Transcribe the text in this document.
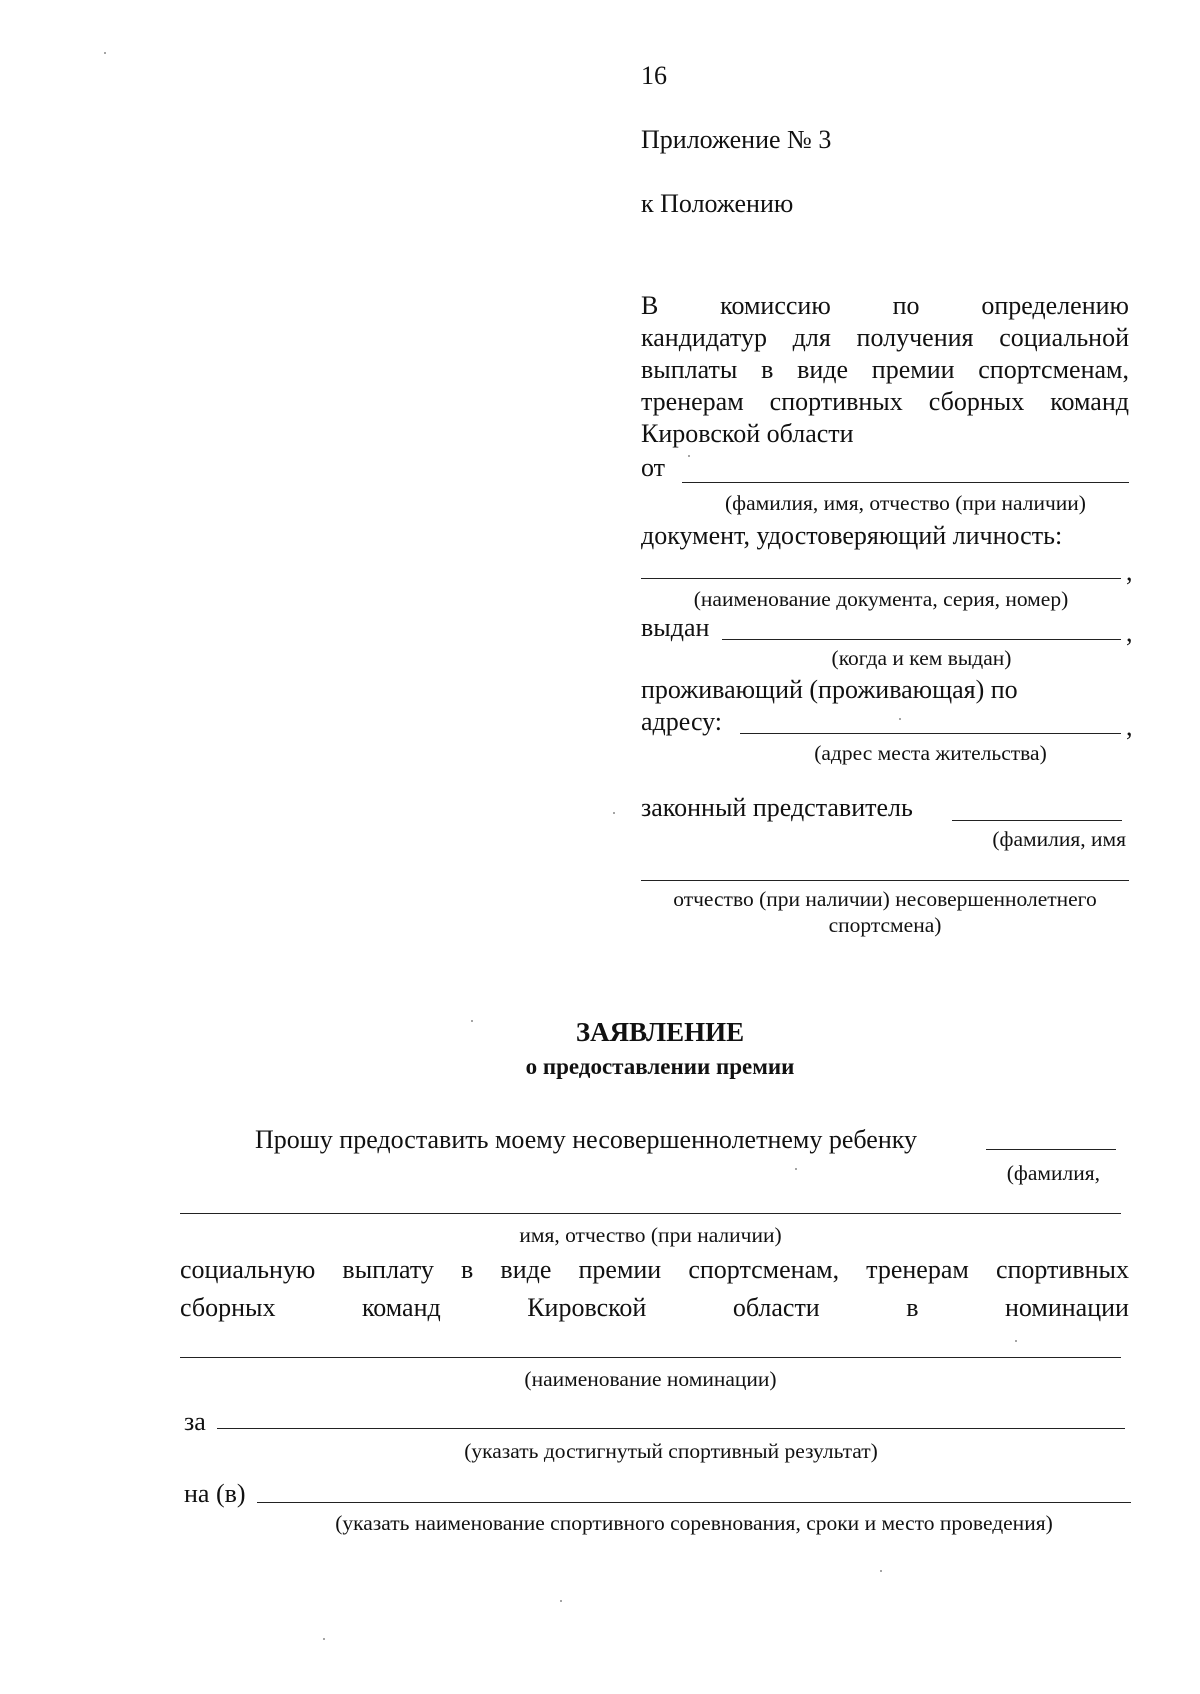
16
Приложение № 3
к Положению
В комиссию по определению
кандидатур для получения социальной
выплаты в виде премии спортсменам,
тренерам спортивных сборных команд
Кировской области
от
(фамилия, имя, отчество (при наличии)
документ, удостоверяющий личность:
,
(наименование документа, серия, номер)
выдан	,
(когда и кем выдан)
проживающий (проживающая) по
адресу:	,
(адрес места жительства)
законный представитель
(фамилия, имя
отчество (при наличии) несовершеннолетнего
спортсмена)
ЗАЯВЛЕНИЕ
о предоставлении премии
Прошу предоставить моему несовершеннолетнему ребенку
(фамилия,
имя, отчество (при наличии)
социальную выплату в виде премии спортсменам, тренерам спортивных
сборных	команд	Кировской	области	в	номинации
(наименование номинации)
за
(указать достигнутый спортивный результат)
на (в)
(указать наименование спортивного соревнования, сроки и место проведения)
